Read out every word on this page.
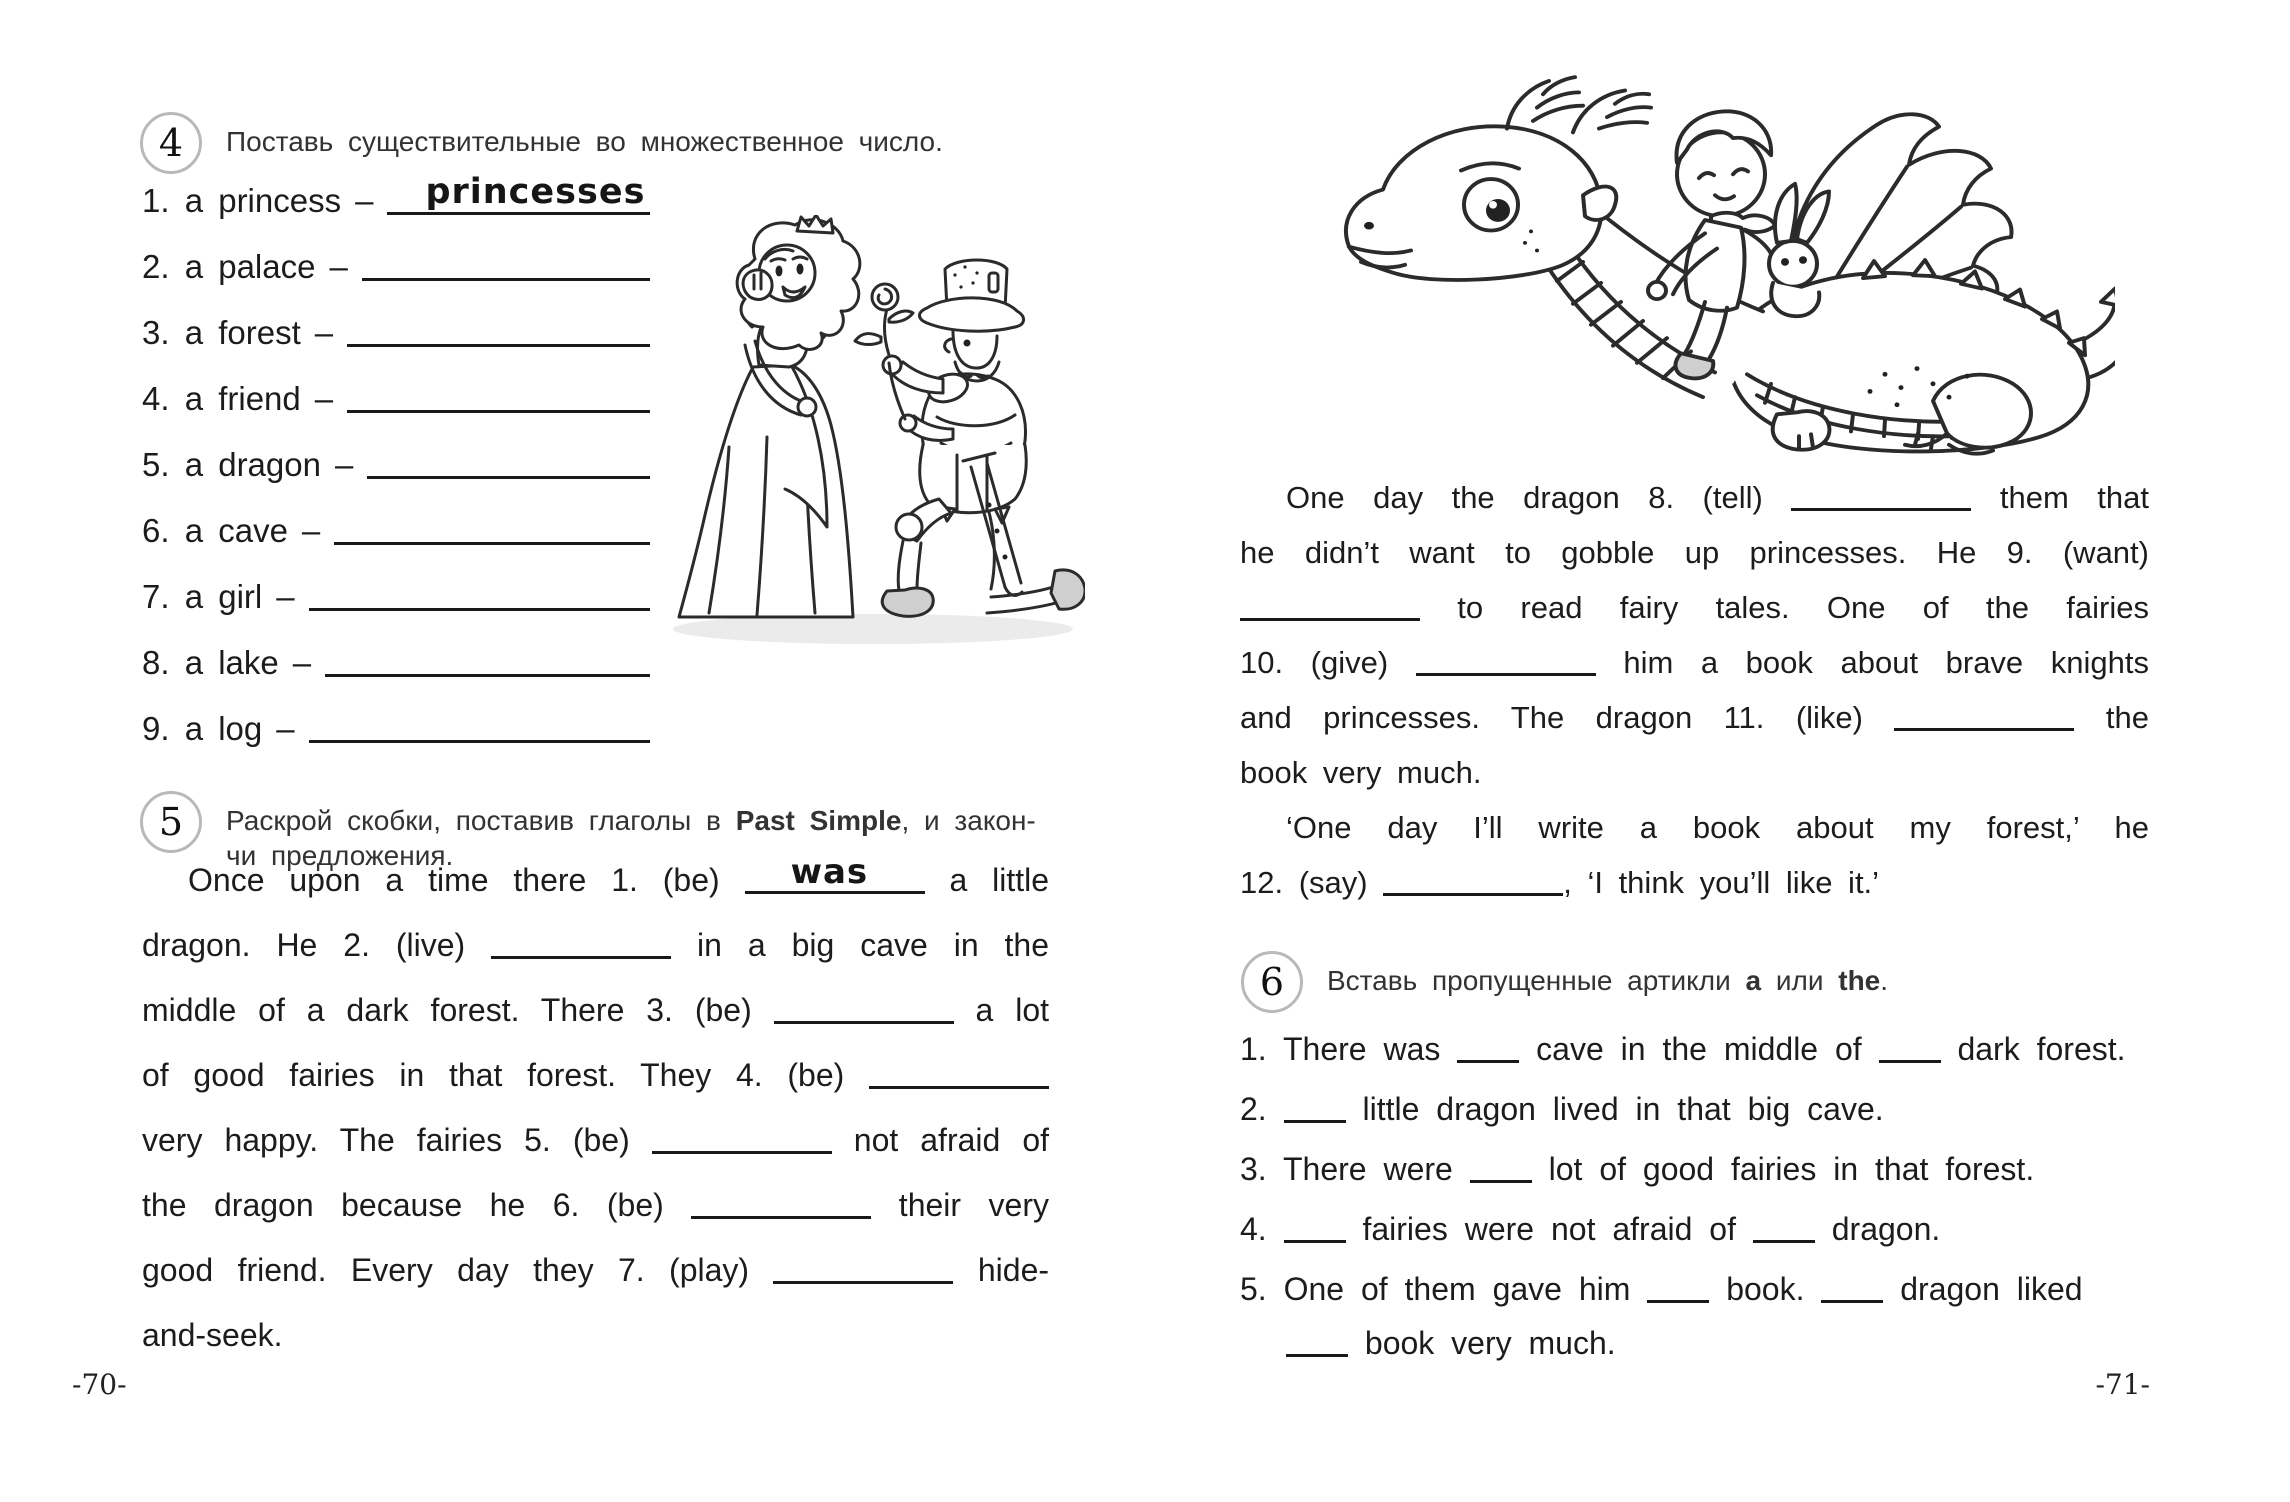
4	Поставь существительные во множественное число.
1. a princess – princesses
2. a palace –
3. a forest –
4. a friend –
5. a dragon –
6. a cave –
7. a girl –
8. a lake –
9. a log –
5	Раскрой скобки, поставив глаголы в Past Simple, и закон-
чи предложения.
Once upon a time there 1. (be)	was	a little
dragon. He 2. (live)	in a big cave in the
middle of a dark forest. There 3. (be)	a lot
of good fairies in that forest. They 4. (be)
very happy. The fairies 5. (be)	not afraid of
the dragon because he 6. (be)	their very
good friend. Every day they 7. (play)	hide-
and-seek.
-70-
One day the dragon 8. (tell)	them that
he didn’t want to gobble up princesses. He 9. (want)
to read fairy tales. One of the fairies
10. (give)	him a book about brave knights
and princesses. The dragon 11. (like)	the
book very much.
‘One day I’ll write a book about my forest,’ he
12. (say)	, ‘I think you’ll like it.’
6	Вставь пропущенные артикли a или the.
1. There was	cave in the middle of	dark forest.
2.	little dragon lived in that big cave.
3. There were	lot of good fairies in that forest.
4.	fairies were not afraid of	dragon.
5. One of them gave him	book.	dragon liked
book very much.
-71-
